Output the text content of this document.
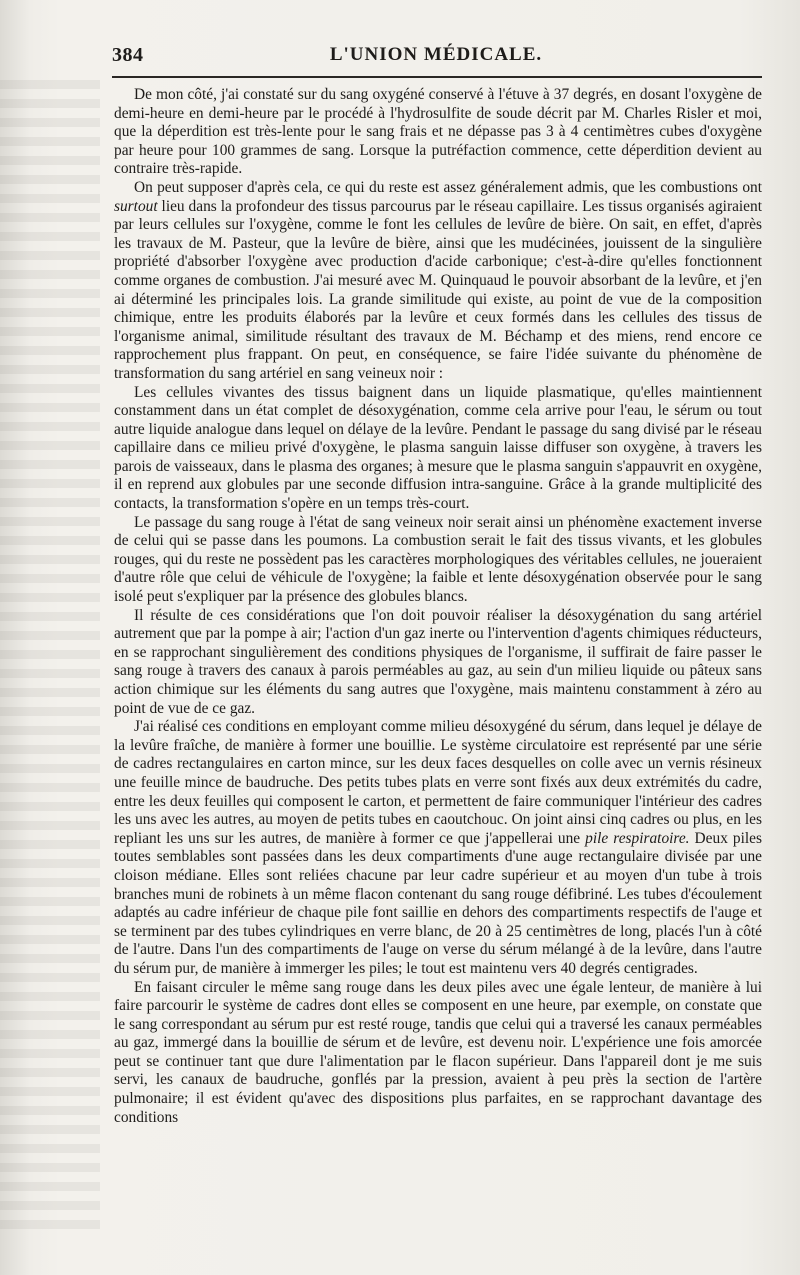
384	L'UNION MÉDICALE.

De mon côté, j'ai constaté sur du sang oxygéné conservé à l'étuve à 37 degrés, en dosant l'oxygène de demi-heure en demi-heure par le procédé à l'hydrosulfite de soude décrit par M. Charles Risler et moi, que la déperdition est très-lente pour le sang frais et ne dépasse pas 3 à 4 centimètres cubes d'oxygène par heure pour 100 grammes de sang. Lorsque la putréfaction commence, cette déperdition devient au contraire très-rapide.

On peut supposer d'après cela, ce qui du reste est assez généralement admis, que les combustions ont surtout lieu dans la profondeur des tissus parcourus par le réseau capillaire. Les tissus organisés agiraient par leurs cellules sur l'oxygène, comme le font les cellules de levûre de bière. On sait, en effet, d'après les travaux de M. Pasteur, que la levûre de bière, ainsi que les mudécinées, jouissent de la singulière propriété d'absorber l'oxygène avec production d'acide carbonique; c'est-à-dire qu'elles fonctionnent comme organes de combustion. J'ai mesuré avec M. Quinquaud le pouvoir absorbant de la levûre, et j'en ai déterminé les principales lois. La grande similitude qui existe, au point de vue de la composition chimique, entre les produits élaborés par la levûre et ceux formés dans les cellules des tissus de l'organisme animal, similitude résultant des travaux de M. Béchamp et des miens, rend encore ce rapprochement plus frappant. On peut, en conséquence, se faire l'idée suivante du phénomène de transformation du sang artériel en sang veineux noir :

Les cellules vivantes des tissus baignent dans un liquide plasmatique, qu'elles maintiennent constamment dans un état complet de désoxygénation, comme cela arrive pour l'eau, le sérum ou tout autre liquide analogue dans lequel on délaye de la levûre. Pendant le passage du sang divisé par le réseau capillaire dans ce milieu privé d'oxygène, le plasma sanguin laisse diffuser son oxygène, à travers les parois de vaisseaux, dans le plasma des organes; à mesure que le plasma sanguin s'appauvrit en oxygène, il en reprend aux globules par une seconde diffusion intra-sanguine. Grâce à la grande multiplicité des contacts, la transformation s'opère en un temps très-court.

Le passage du sang rouge à l'état de sang veineux noir serait ainsi un phénomène exactement inverse de celui qui se passe dans les poumons. La combustion serait le fait des tissus vivants, et les globules rouges, qui du reste ne possèdent pas les caractères morphologiques des véritables cellules, ne joueraient d'autre rôle que celui de véhicule de l'oxygène; la faible et lente désoxygénation observée pour le sang isolé peut s'expliquer par la présence des globules blancs.

Il résulte de ces considérations que l'on doit pouvoir réaliser la désoxygénation du sang artériel autrement que par la pompe à air; l'action d'un gaz inerte ou l'intervention d'agents chimiques réducteurs, en se rapprochant singulièrement des conditions physiques de l'organisme, il suffirait de faire passer le sang rouge à travers des canaux à parois perméables au gaz, au sein d'un milieu liquide ou pâteux sans action chimique sur les éléments du sang autres que l'oxygène, mais maintenu constamment à zéro au point de vue de ce gaz.

J'ai réalisé ces conditions en employant comme milieu désoxygéné du sérum, dans lequel je délaye de la levûre fraîche, de manière à former une bouillie. Le système circulatoire est représenté par une série de cadres rectangulaires en carton mince, sur les deux faces desquelles on colle avec un vernis résineux une feuille mince de baudruche. Des petits tubes plats en verre sont fixés aux deux extrémités du cadre, entre les deux feuilles qui composent le carton, et permettent de faire communiquer l'intérieur des cadres les uns avec les autres, au moyen de petits tubes en caoutchouc. On joint ainsi cinq cadres ou plus, en les repliant les uns sur les autres, de manière à former ce que j'appellerai une pile respiratoire. Deux piles toutes semblables sont passées dans les deux compartiments d'une auge rectangulaire divisée par une cloison médiane. Elles sont reliées chacune par leur cadre supérieur et au moyen d'un tube à trois branches muni de robinets à un même flacon contenant du sang rouge défibriné. Les tubes d'écoulement adaptés au cadre inférieur de chaque pile font saillie en dehors des compartiments respectifs de l'auge et se terminent par des tubes cylindriques en verre blanc, de 20 à 25 centimètres de long, placés l'un à côté de l'autre. Dans l'un des compartiments de l'auge on verse du sérum mélangé à de la levûre, dans l'autre du sérum pur, de manière à immerger les piles; le tout est maintenu vers 40 degrés centigrades.

En faisant circuler le même sang rouge dans les deux piles avec une égale lenteur, de manière à lui faire parcourir le système de cadres dont elles se composent en une heure, par exemple, on constate que le sang correspondant au sérum pur est resté rouge, tandis que celui qui a traversé les canaux perméables au gaz, immergé dans la bouillie de sérum et de levûre, est devenu noir. L'expérience une fois amorcée peut se continuer tant que dure l'alimentation par le flacon supérieur. Dans l'appareil dont je me suis servi, les canaux de baudruche, gonflés par la pression, avaient à peu près la section de l'artère pulmonaire; il est évident qu'avec des dispositions plus parfaites, en se rapprochant davantage des conditions
